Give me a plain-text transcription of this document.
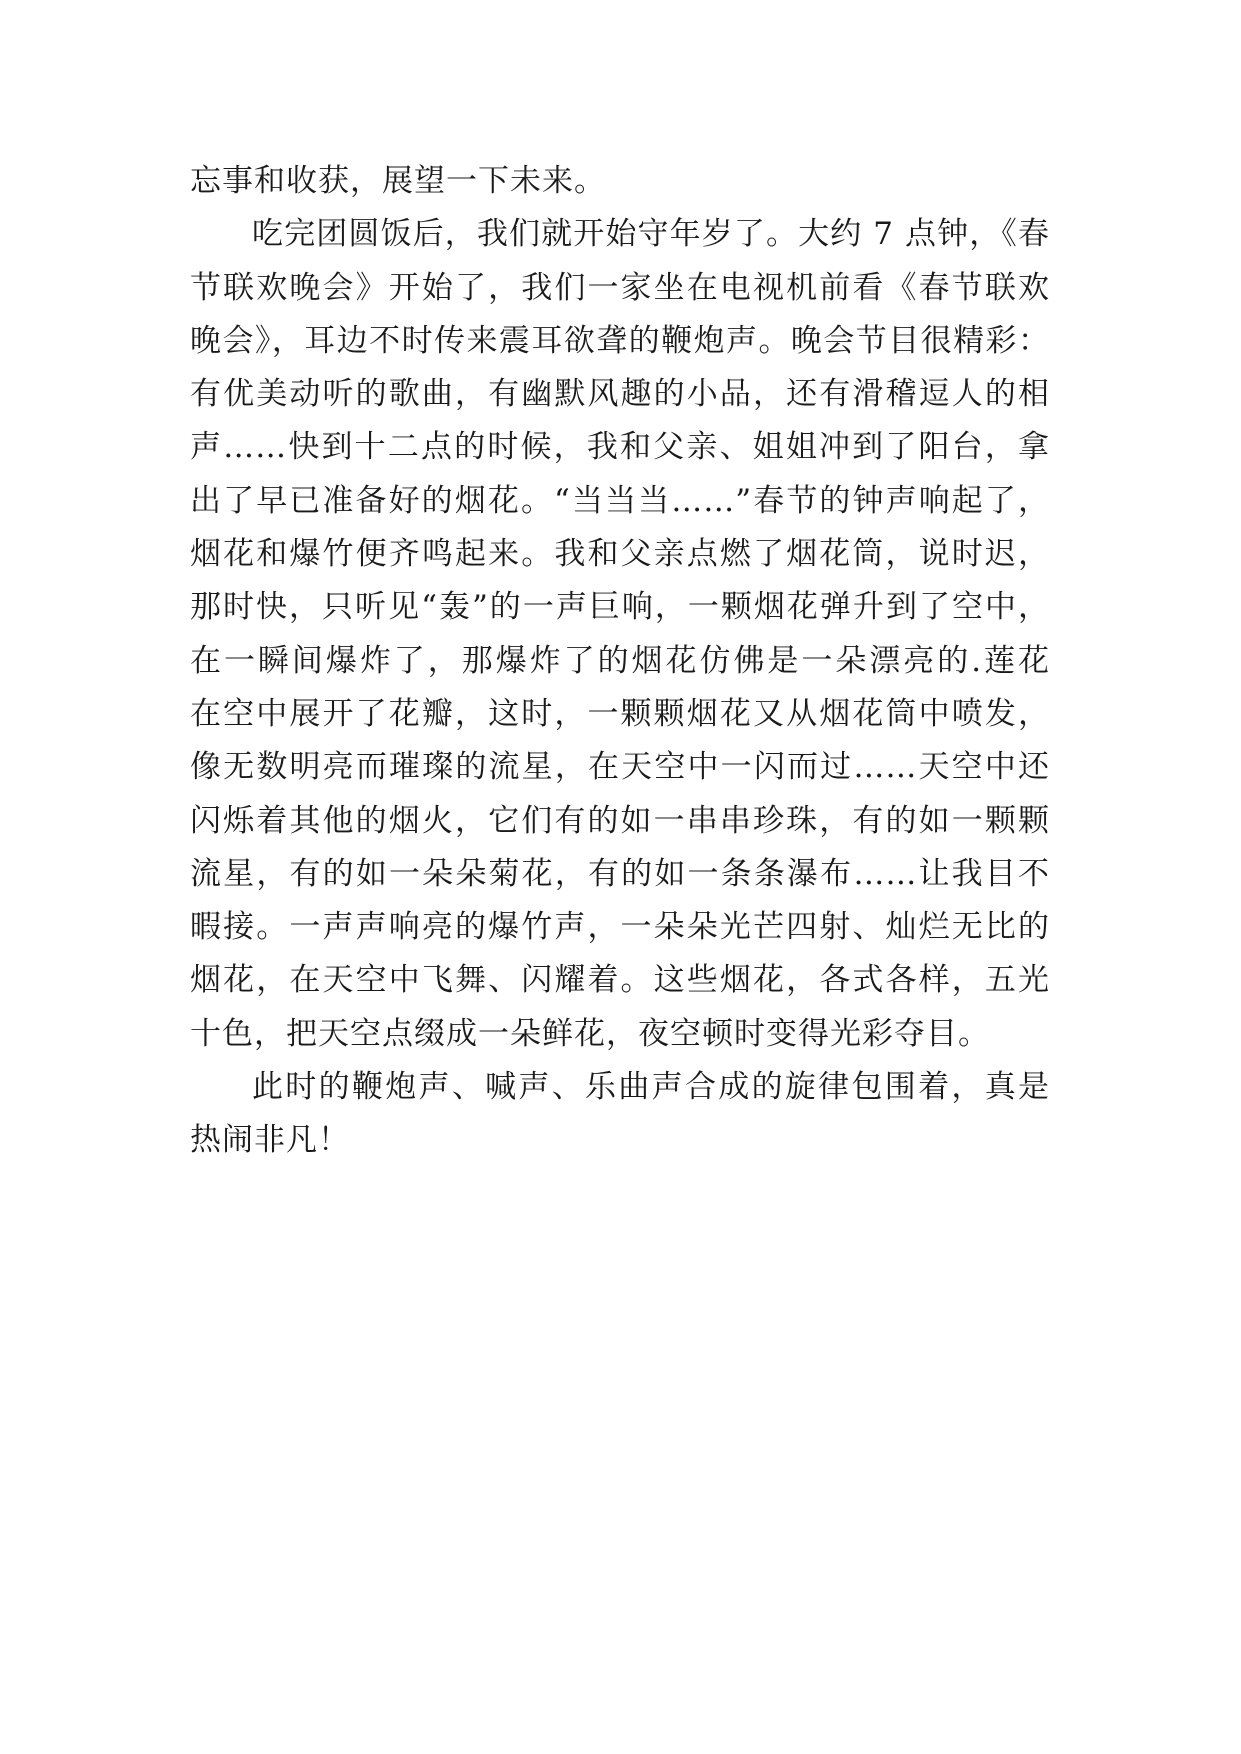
忘事和收获，展望一下未来。
吃完团圆饭后，我们就开始守年岁了。大约 7 点钟，《春
节联欢晚会》开始了，我们一家坐在电视机前看《春节联欢
晚会》，耳边不时传来震耳欲聋的鞭炮声。晚会节目很精彩：
有优美动听的歌曲，有幽默风趣的小品，还有滑稽逗人的相
声……快到十二点的时候，我和父亲、姐姐冲到了阳台，拿
出了早已准备好的烟花。“当当当……”春节的钟声响起了，
烟花和爆竹便齐鸣起来。我和父亲点燃了烟花筒，说时迟，
那时快，只听见“轰”的一声巨响，一颗烟花弹升到了空中，
在一瞬间爆炸了，那爆炸了的烟花仿佛是一朵漂亮的.莲花
在空中展开了花瓣，这时，一颗颗烟花又从烟花筒中喷发，
像无数明亮而璀璨的流星，在天空中一闪而过……天空中还
闪烁着其他的烟火，它们有的如一串串珍珠，有的如一颗颗
流星，有的如一朵朵菊花，有的如一条条瀑布……让我目不
暇接。一声声响亮的爆竹声，一朵朵光芒四射、灿烂无比的
烟花，在天空中飞舞、闪耀着。这些烟花，各式各样，五光
十色，把天空点缀成一朵鲜花，夜空顿时变得光彩夺目。
此时的鞭炮声、喊声、乐曲声合成的旋律包围着，真是
热闹非凡！
